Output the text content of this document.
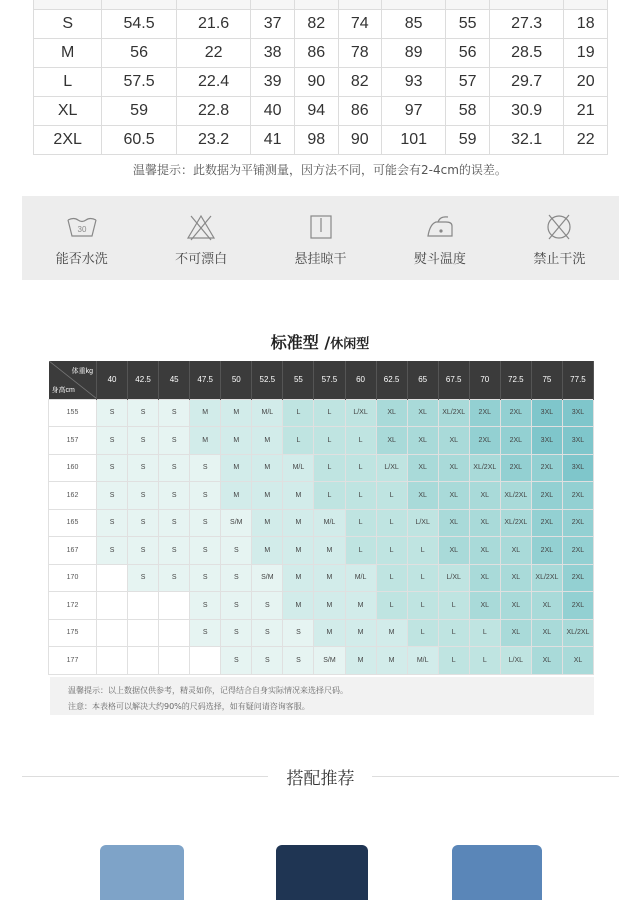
S	54.5	21.6	37	82	74	85	55	27.3	18
M	56	22	38	86	78	89	56	28.5	19
L	57.5	22.4	39	90	82	93	57	29.7	20
XL	59	22.8	40	94	86	97	58	30.9	21
2XL	60.5	23.2	41	98	90	101	59	32.1	22
温馨提示：此数据为平铺测量，因方法不同，可能会有2-4cm的误差。
30
能否水洗	不可漂白	悬挂晾干	熨斗温度	禁止干洗
标准型 /休闲型
体重kg
身高cm	40	42.5	45	47.5	50	52.5	55	57.5	60	62.5	65	67.5	70	72.5	75	77.5
155	S	S	S	M	M	M/L	L	L	L/XL	XL	XL	XL/2XL	2XL	2XL	3XL	3XL
157	S	S	S	M	M	M	L	L	L	XL	XL	XL	2XL	2XL	3XL	3XL
160	S	S	S	S	M	M	M/L	L	L	L/XL	XL	XL	XL/2XL	2XL	2XL	3XL
162	S	S	S	S	M	M	M	L	L	L	XL	XL	XL	XL/2XL	2XL	2XL
165	S	S	S	S	S/M	M	M	M/L	L	L	L/XL	XL	XL	XL/2XL	2XL	2XL
167	S	S	S	S	S	M	M	M	L	L	L	XL	XL	XL	2XL	2XL
170		S	S	S	S	S/M	M	M	M/L	L	L	L/XL	XL	XL	XL/2XL	2XL
172				S	S	S	M	M	M	L	L	L	XL	XL	XL	2XL
175				S	S	S	S	M	M	M	L	L	L	XL	XL	XL/2XL
177					S	S	S	S/M	M	M	M/L	L	L	L/XL	XL	XL
温馨提示：以上数据仅供参考，精灵如你，记得结合自身实际情况来选择尺码。
注意：本表格可以解决大约90%的尺码选择，如有疑问请咨询客服。
搭配推荐
